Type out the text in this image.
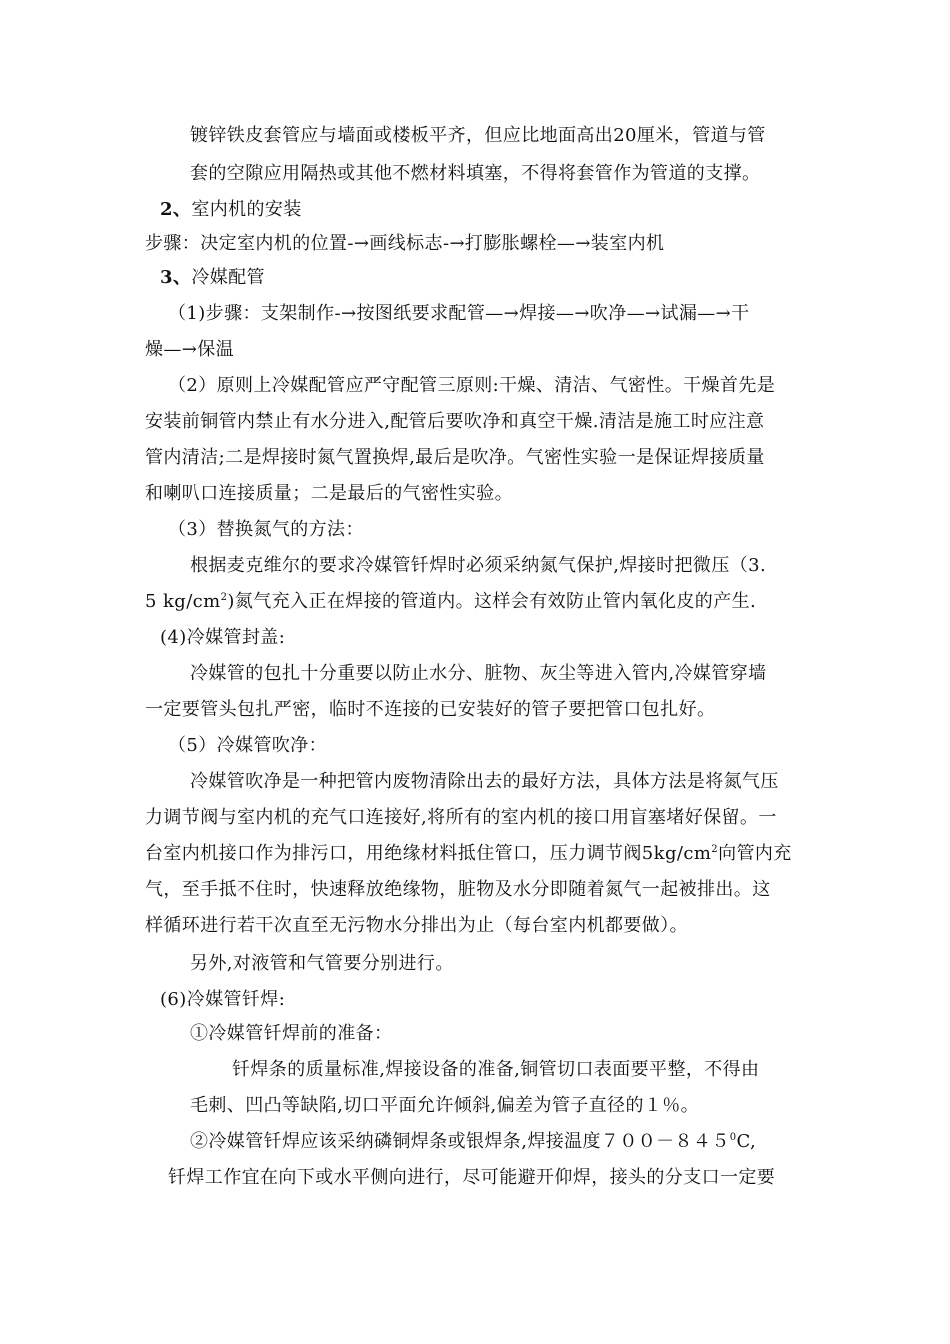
镀锌铁皮套管应与墙面或楼板平齐，但应比地面高出20厘米，管道与管
套的空隙应用隔热或其他不燃材料填塞，不得将套管作为管道的支撑。
2、室内机的安装
步骤：决定室内机的位置-→画线标志-→打膨胀螺栓—→装室内机
3、冷媒配管
（1)步骤：支架制作-→按图纸要求配管—→焊接—→吹净—→试漏—→干
燥—→保温
（2）原则上冷媒配管应严守配管三原则:干燥、清洁、气密性。干燥首先是
安装前铜管内禁止有水分进入,配管后要吹净和真空干燥.清洁是施工时应注意
管内清洁;二是焊接时氮气置换焊,最后是吹净。气密性实验一是保证焊接质量
和喇叭口连接质量；二是最后的气密性实验。
（3）替换氮气的方法：
根据麦克维尔的要求冷媒管钎焊时必须采纳氮气保护,焊接时把微压（3.
5 $kg/cm^2$)氮气充入正在焊接的管道内。这样会有效防止管内氧化皮的产生.
(4)冷媒管封盖:
冷媒管的包扎十分重要以防止水分、脏物、灰尘等进入管内,冷媒管穿墙
一定要管头包扎严密，临时不连接的已安装好的管子要把管口包扎好。
（5）冷媒管吹净：
冷媒管吹净是一种把管内废物清除出去的最好方法，具体方法是将氮气压
力调节阀与室内机的充气口连接好,将所有的室内机的接口用盲塞堵好保留。一
台室内机接口作为排污口，用绝缘材料抵住管口，压力调节阀$5kg/cm^2$向管内充
气，至手抵不住时，快速释放绝缘物，脏物及水分即随着氮气一起被排出。这
样循环进行若干次直至无污物水分排出为止（每台室内机都要做）。
另外,对液管和气管要分别进行。
(6)冷媒管钎焊:
①冷媒管钎焊前的准备：
钎焊条的质量标准,焊接设备的准备,铜管切口表面要平整，不得由
毛刺、凹凸等缺陷,切口平面允许倾斜,偏差为管子直径的１％。
②冷媒管钎焊应该采纳磷铜焊条或银焊条,焊接温度$700-845^0C$,
钎焊工作宜在向下或水平侧向进行，尽可能避开仰焊，接头的分支口一定要
